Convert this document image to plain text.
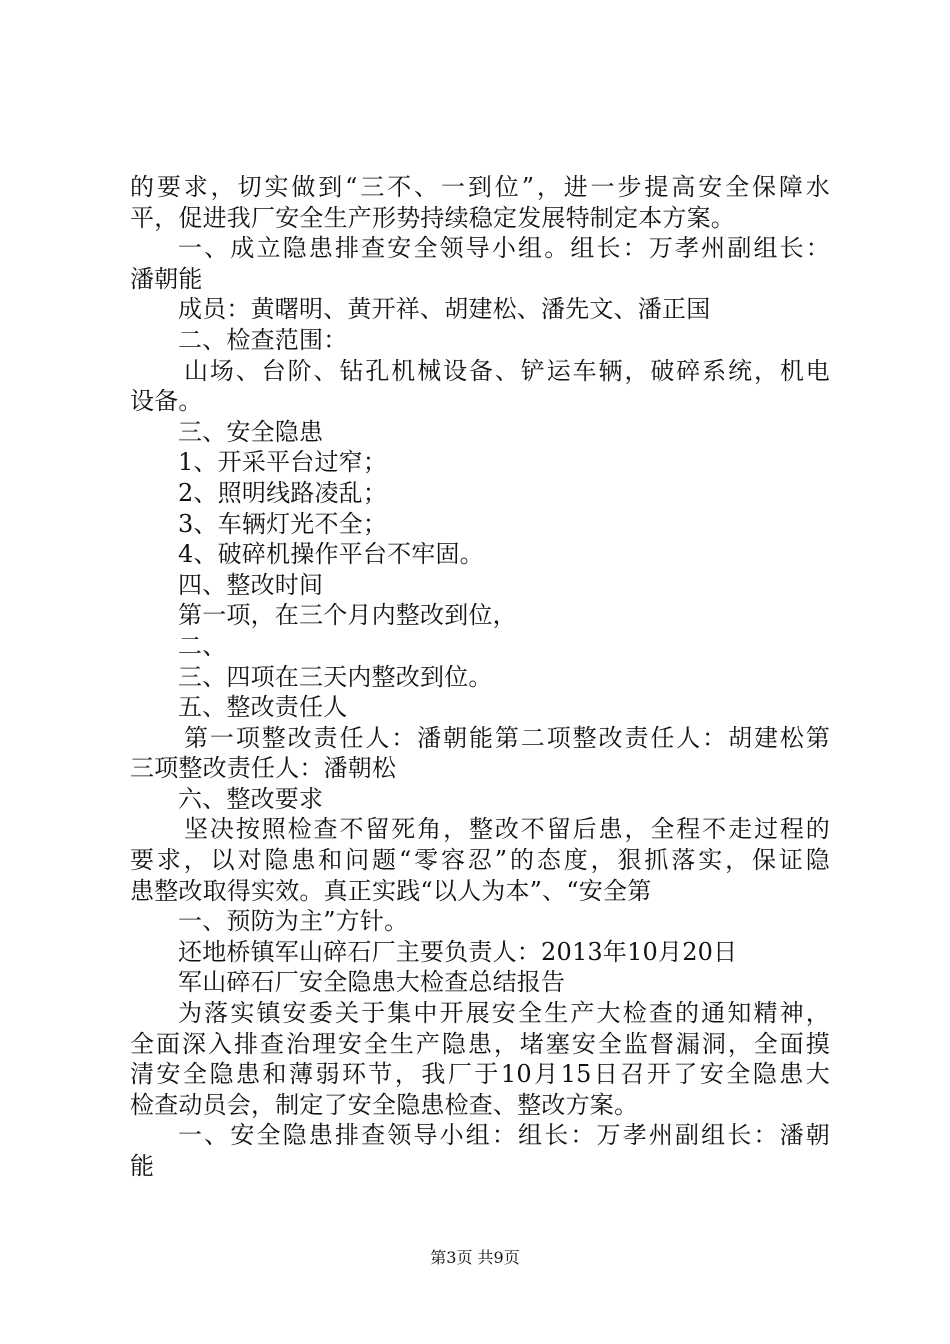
的要求，切实做到“三不、一到位”，进一步提高安全保障水
平，促进我厂安全生产形势持续稳定发展特制定本方案。
一、成立隐患排查安全领导小组。组长：万孝州副组长：
潘朝能
成员：黄曙明、黄开祥、胡建松、潘先文、潘正国
二、检查范围：
山场、台阶、钻孔机械设备、铲运车辆，破碎系统，机电
设备。
三、安全隐患
1、开采平台过窄；
2、照明线路凌乱；
3、车辆灯光不全；
4、破碎机操作平台不牢固。
四、整改时间
第一项，在三个月内整改到位，
二、
三、四项在三天内整改到位。
五、整改责任人
第一项整改责任人：潘朝能第二项整改责任人：胡建松第
三项整改责任人：潘朝松
六、整改要求
坚决按照检查不留死角，整改不留后患，全程不走过程的
要求，以对隐患和问题“零容忍”的态度，狠抓落实，保证隐
患整改取得实效。真正实践“以人为本”、“安全第
一、预防为主”方针。
还地桥镇军山碎石厂主要负责人：2013年10月20日
军山碎石厂安全隐患大检查总结报告
为落实镇安委关于集中开展安全生产大检查的通知精神，
全面深入排查治理安全生产隐患，堵塞安全监督漏洞，全面摸
清安全隐患和薄弱环节，我厂于10月15日召开了安全隐患大
检查动员会，制定了安全隐患检查、整改方案。
一、安全隐患排查领导小组：组长：万孝州副组长：潘朝
能
第3页 共9页
